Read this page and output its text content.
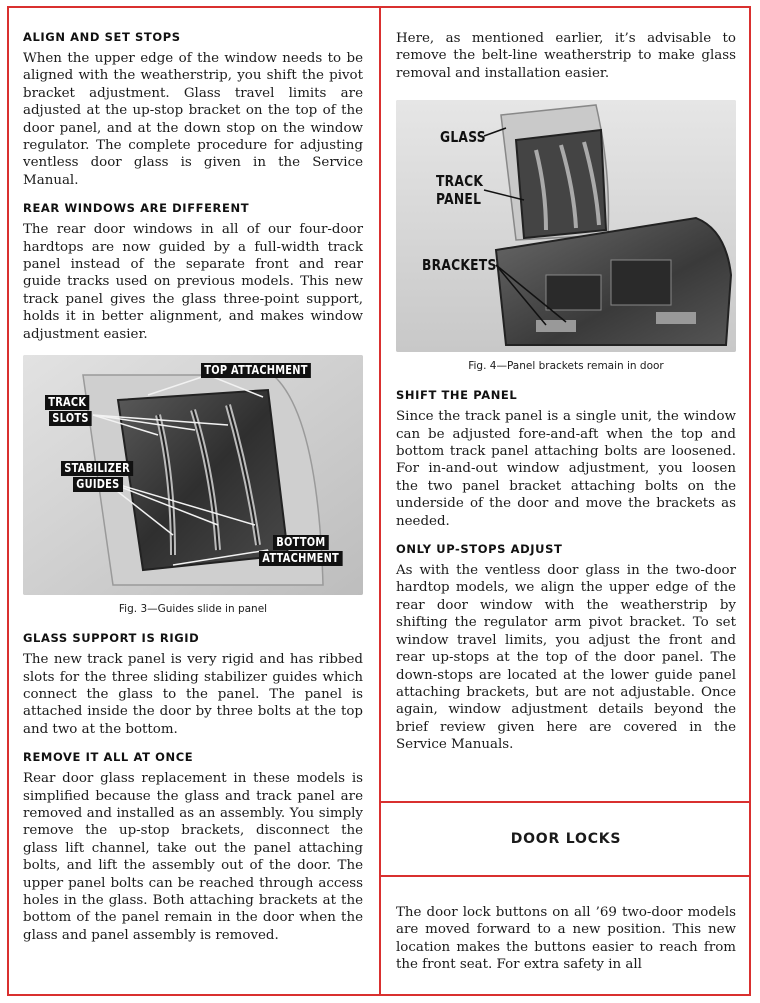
ALIGN AND SET STOPS

When the upper edge of the window needs to be aligned with the weatherstrip, you shift the pivot bracket adjustment. Glass travel limits are adjusted at the up-stop bracket on the top of the door panel, and at the down stop on the window regulator. The complete procedure for adjusting ventless door glass is given in the Service Manual.

REAR WINDOWS ARE DIFFERENT

The rear door windows in all of our four-door hardtops are now guided by a full-width track panel instead of the separate front and rear guide tracks used on previous models. This new track panel gives the glass three-point support, holds it in better alignment, and makes window adjustment easier.

TOP ATTACHMENT
TRACK
SLOTS
STABILIZER
GUIDES
BOTTOM
ATTACHMENT
Fig. 3—Guides slide in panel
GLASS SUPPORT IS RIGID

The new track panel is very rigid and has ribbed slots for the three sliding stabilizer guides which connect the glass to the panel. The panel is attached inside the door by three bolts at the top and two at the bottom.

REMOVE IT ALL AT ONCE

Rear door glass replacement in these models is simplified because the glass and track panel are removed and installed as an assembly. You simply remove the up-stop brackets, disconnect the glass lift channel, take out the panel attaching bolts, and lift the assembly out of the door. The upper panel bolts can be reached through access holes in the glass. Both attaching brackets at the bottom of the panel remain in the door when the glass and panel assembly is removed.

Here, as mentioned earlier, it’s advisable to remove the belt-line weatherstrip to make glass removal and installation easier.

GLASS
TRACK
PANEL
BRACKETS
Fig. 4—Panel brackets remain in door
SHIFT THE PANEL

Since the track panel is a single unit, the window can be adjusted fore-and-aft when the top and bottom track panel attaching bolts are loosened. For in-and-out window adjustment, you loosen the two panel bracket attaching bolts on the underside of the door and move the brackets as needed.

ONLY UP-STOPS ADJUST

As with the ventless door glass in the two-door hardtop models, we align the upper edge of the rear door window with the weatherstrip by shifting the regulator arm pivot bracket. To set window travel limits, you adjust the front and rear up-stops at the top of the door panel. The down-stops are located at the lower guide panel attaching brackets, but are not adjustable. Once again, window adjustment details beyond the brief review given here are covered in the Service Manuals.

DOOR LOCKS

The door lock buttons on all ’69 two-door models are moved forward to a new position. This new location makes the buttons easier to reach from the front seat. For extra safety in all
